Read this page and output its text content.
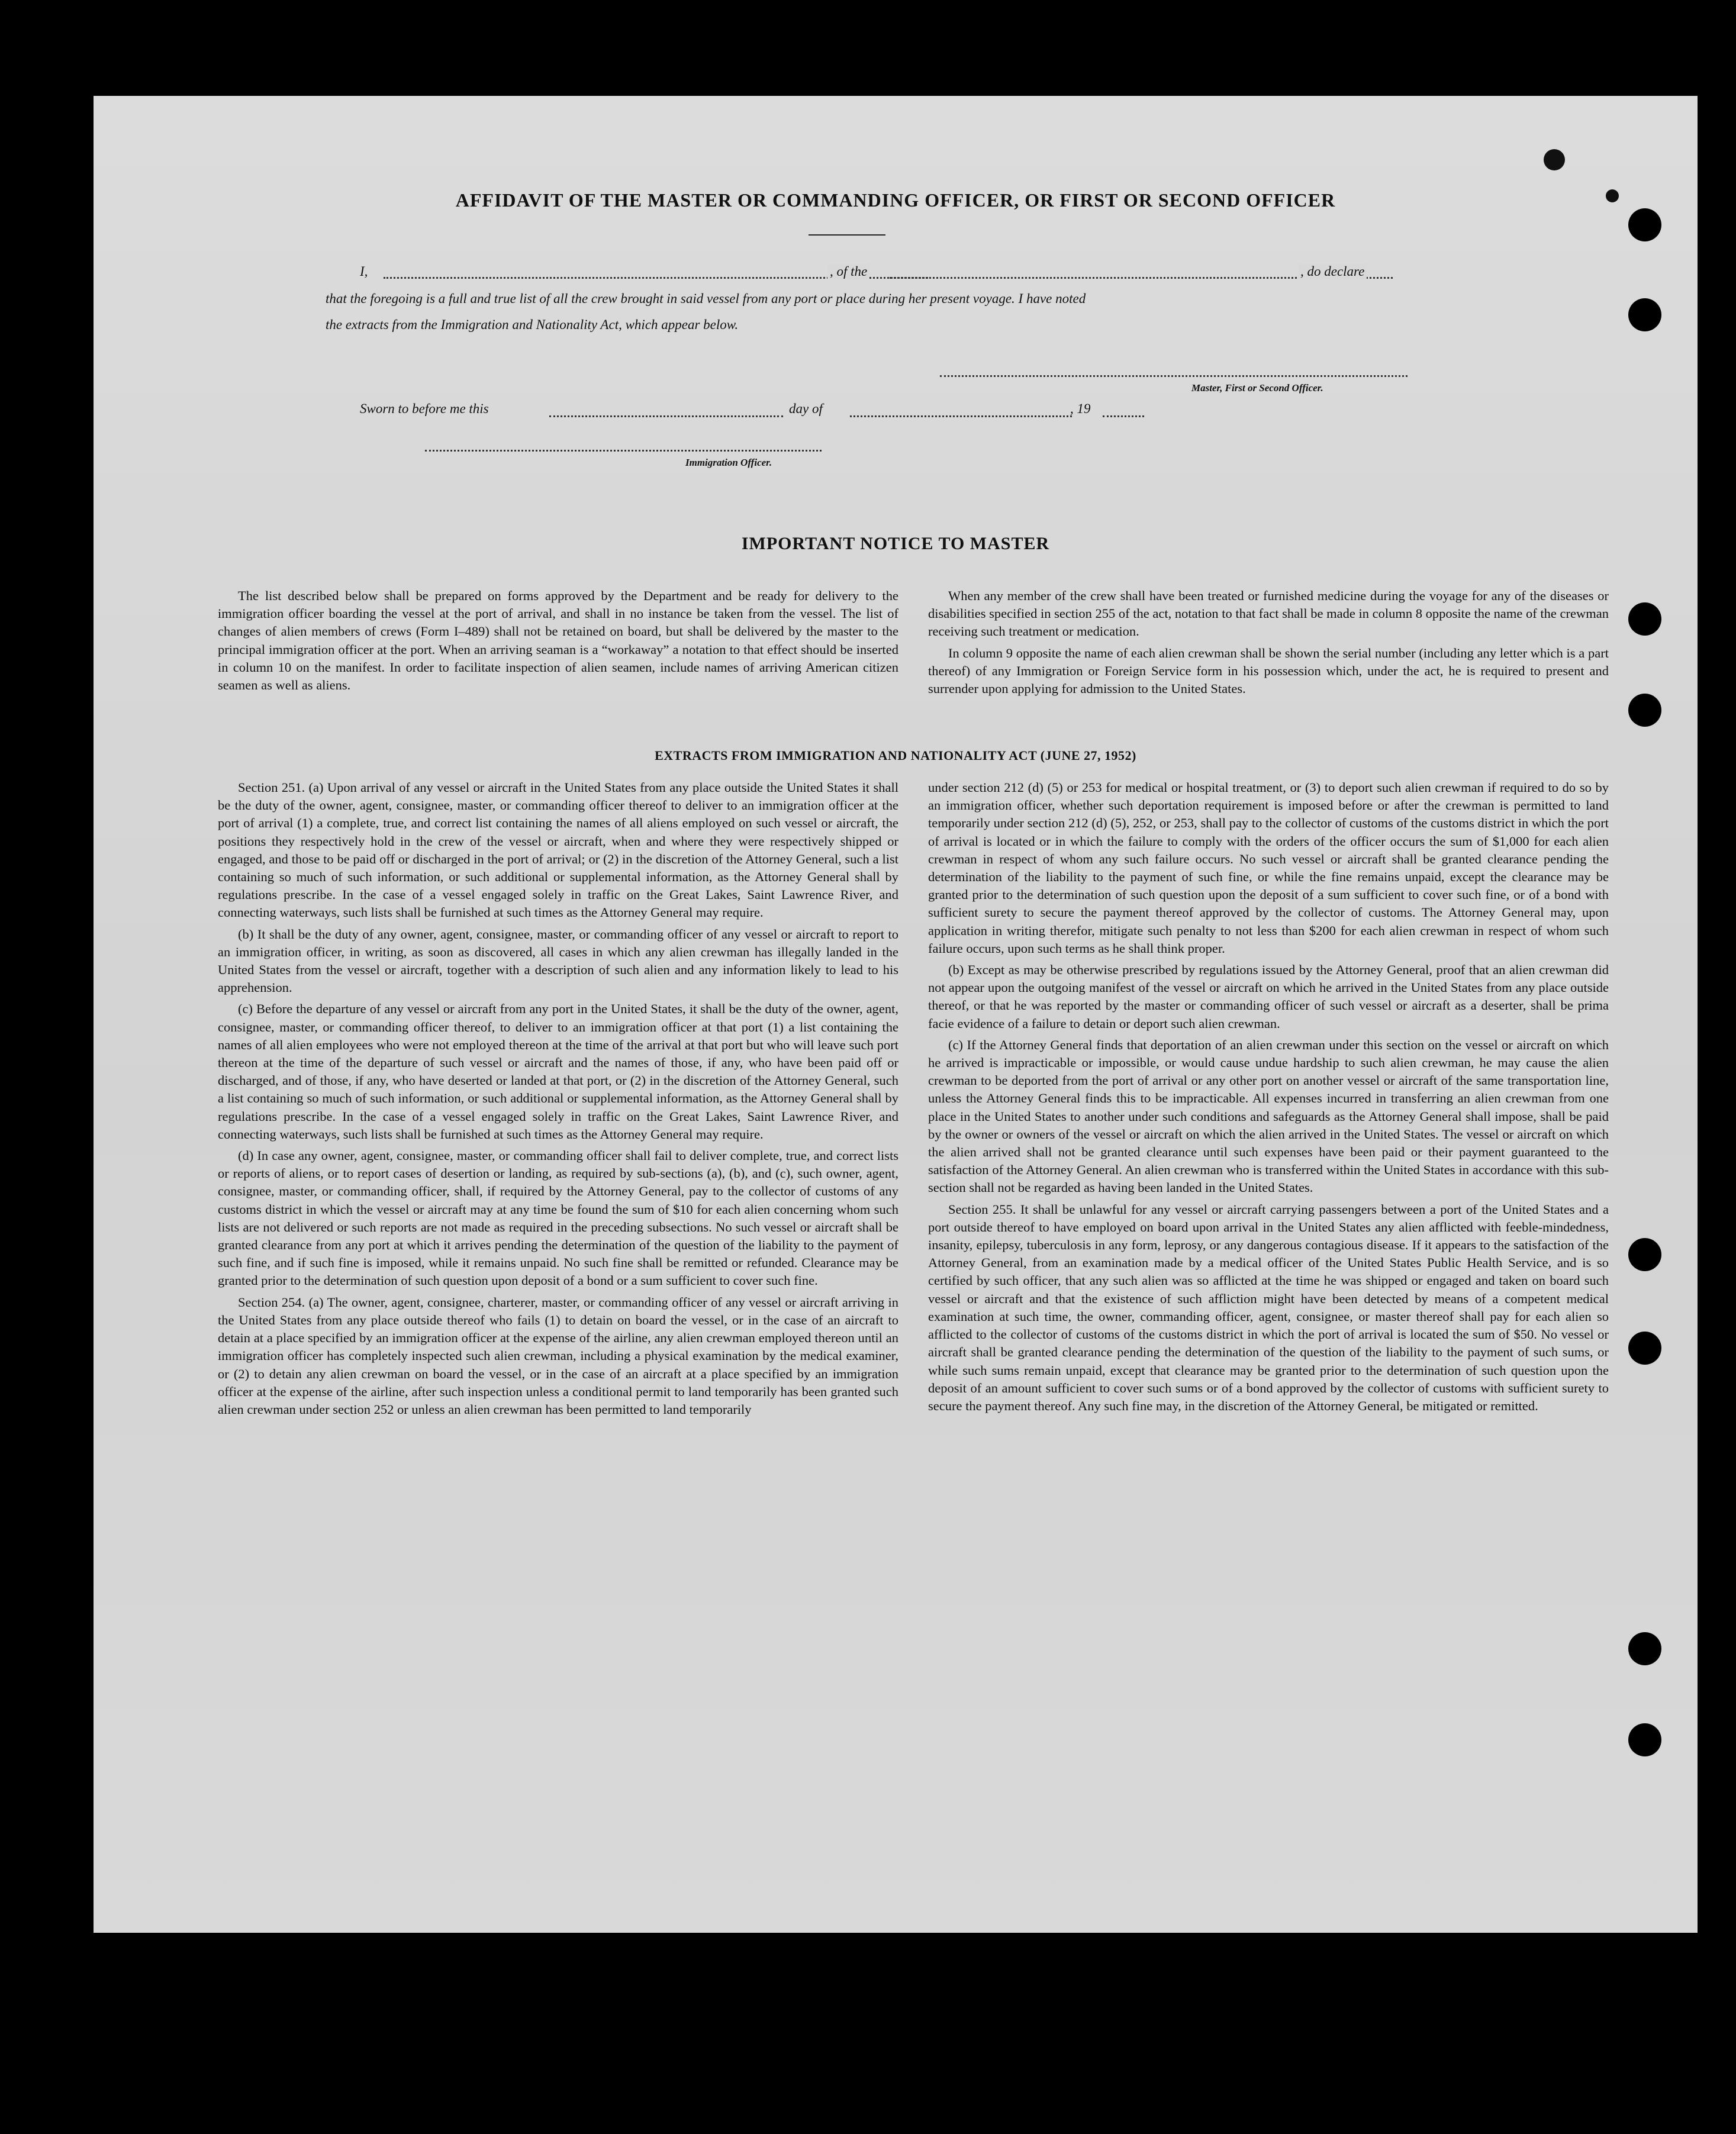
AFFIDAVIT OF THE MASTER OR COMMANDING OFFICER, OR FIRST OR SECOND OFFICER
I,	, of the	, do declare
that the foregoing is a full and true list of all the crew brought in said vessel from any port or place during her present voyage. I have noted
the extracts from the Immigration and Nationality Act, which appear below.
Master, First or Second Officer.
Sworn to before me this	day of	, 19
Immigration Officer.
IMPORTANT NOTICE TO MASTER

The list described below shall be prepared on forms approved by the Department and be ready for delivery to the immigration officer boarding the vessel at the port of arrival, and shall in no instance be taken from the vessel. The list of changes of alien members of crews (Form I–489) shall not be retained on board, but shall be delivered by the master to the principal immigration officer at the port. When an arriving seaman is a “workaway” a notation to that effect should be inserted in column 10 on the manifest. In order to facilitate inspection of alien seamen, include names of arriving American citizen seamen as well as aliens.

When any member of the crew shall have been treated or furnished medicine during the voyage for any of the diseases or disabilities specified in section 255 of the act, notation to that fact shall be made in column 8 opposite the name of the crewman receiving such treatment or medication.

In column 9 opposite the name of each alien crewman shall be shown the serial number (including any letter which is a part thereof) of any Immigration or Foreign Service form in his possession which, under the act, he is required to present and surrender upon applying for admission to the United States.

EXTRACTS FROM IMMIGRATION AND NATIONALITY ACT (JUNE 27, 1952)

Section 251. (a) Upon arrival of any vessel or aircraft in the United States from any place outside the United States it shall be the duty of the owner, agent, consignee, master, or commanding officer thereof to deliver to an immigration officer at the port of arrival (1) a complete, true, and correct list containing the names of all aliens employed on such vessel or aircraft, the positions they respectively hold in the crew of the vessel or aircraft, when and where they were respectively shipped or engaged, and those to be paid off or discharged in the port of arrival; or (2) in the discretion of the Attorney General, such a list containing so much of such information, or such additional or supplemental information, as the Attorney General shall by regulations prescribe. In the case of a vessel engaged solely in traffic on the Great Lakes, Saint Lawrence River, and connecting waterways, such lists shall be furnished at such times as the Attorney General may require.

(b) It shall be the duty of any owner, agent, consignee, master, or commanding officer of any vessel or aircraft to report to an immigration officer, in writing, as soon as discovered, all cases in which any alien crewman has illegally landed in the United States from the vessel or aircraft, together with a description of such alien and any information likely to lead to his apprehension.

(c) Before the departure of any vessel or aircraft from any port in the United States, it shall be the duty of the owner, agent, consignee, master, or commanding officer thereof, to deliver to an immigration officer at that port (1) a list containing the names of all alien employees who were not employed thereon at the time of the arrival at that port but who will leave such port thereon at the time of the departure of such vessel or aircraft and the names of those, if any, who have been paid off or discharged, and of those, if any, who have deserted or landed at that port, or (2) in the discretion of the Attorney General, such a list containing so much of such information, or such additional or supplemental information, as the Attorney General shall by regulations prescribe. In the case of a vessel engaged solely in traffic on the Great Lakes, Saint Lawrence River, and connecting waterways, such lists shall be furnished at such times as the Attorney General may require.

(d) In case any owner, agent, consignee, master, or commanding officer shall fail to deliver complete, true, and correct lists or reports of aliens, or to report cases of desertion or landing, as required by sub-sections (a), (b), and (c), such owner, agent, consignee, master, or commanding officer, shall, if required by the Attorney General, pay to the collector of customs of any customs district in which the vessel or aircraft may at any time be found the sum of $10 for each alien concerning whom such lists are not delivered or such reports are not made as required in the preceding subsections. No such vessel or aircraft shall be granted clearance from any port at which it arrives pending the determination of the question of the liability to the payment of such fine, and if such fine is imposed, while it remains unpaid. No such fine shall be remitted or refunded. Clearance may be granted prior to the determination of such question upon deposit of a bond or a sum sufficient to cover such fine.

Section 254. (a) The owner, agent, consignee, charterer, master, or commanding officer of any vessel or aircraft arriving in the United States from any place outside thereof who fails (1) to detain on board the vessel, or in the case of an aircraft to detain at a place specified by an immigration officer at the expense of the airline, any alien crewman employed thereon until an immigration officer has completely inspected such alien crewman, including a physical examination by the medical examiner, or (2) to detain any alien crewman on board the vessel, or in the case of an aircraft at a place specified by an immigration officer at the expense of the airline, after such inspection unless a conditional permit to land temporarily has been granted such alien crewman under section 252 or unless an alien crewman has been permitted to land temporarily

under section 212 (d) (5) or 253 for medical or hospital treatment, or (3) to deport such alien crewman if required to do so by an immigration officer, whether such deportation requirement is imposed before or after the crewman is permitted to land temporarily under section 212 (d) (5), 252, or 253, shall pay to the collector of customs of the customs district in which the port of arrival is located or in which the failure to comply with the orders of the officer occurs the sum of $1,000 for each alien crewman in respect of whom any such failure occurs. No such vessel or aircraft shall be granted clearance pending the determination of the liability to the payment of such fine, or while the fine remains unpaid, except the clearance may be granted prior to the determination of such question upon the deposit of a sum sufficient to cover such fine, or of a bond with sufficient surety to secure the payment thereof approved by the collector of customs. The Attorney General may, upon application in writing therefor, mitigate such penalty to not less than $200 for each alien crewman in respect of whom such failure occurs, upon such terms as he shall think proper.

(b) Except as may be otherwise prescribed by regulations issued by the Attorney General, proof that an alien crewman did not appear upon the outgoing manifest of the vessel or aircraft on which he arrived in the United States from any place outside thereof, or that he was reported by the master or commanding officer of such vessel or aircraft as a deserter, shall be prima facie evidence of a failure to detain or deport such alien crewman.

(c) If the Attorney General finds that deportation of an alien crewman under this section on the vessel or aircraft on which he arrived is impracticable or impossible, or would cause undue hardship to such alien crewman, he may cause the alien crewman to be deported from the port of arrival or any other port on another vessel or aircraft of the same transportation line, unless the Attorney General finds this to be impracticable. All expenses incurred in transferring an alien crewman from one place in the United States to another under such conditions and safeguards as the Attorney General shall impose, shall be paid by the owner or owners of the vessel or aircraft on which the alien arrived in the United States. The vessel or aircraft on which the alien arrived shall not be granted clearance until such expenses have been paid or their payment guaranteed to the satisfaction of the Attorney General. An alien crewman who is transferred within the United States in accordance with this sub-section shall not be regarded as having been landed in the United States.

Section 255. It shall be unlawful for any vessel or aircraft carrying passengers between a port of the United States and a port outside thereof to have employed on board upon arrival in the United States any alien afflicted with feeble-mindedness, insanity, epilepsy, tuberculosis in any form, leprosy, or any dangerous contagious disease. If it appears to the satisfaction of the Attorney General, from an examination made by a medical officer of the United States Public Health Service, and is so certified by such officer, that any such alien was so afflicted at the time he was shipped or engaged and taken on board such vessel or aircraft and that the existence of such affliction might have been detected by means of a competent medical examination at such time, the owner, commanding officer, agent, consignee, or master thereof shall pay for each alien so afflicted to the collector of customs of the customs district in which the port of arrival is located the sum of $50. No vessel or aircraft shall be granted clearance pending the determination of the question of the liability to the payment of such sums, or while such sums remain unpaid, except that clearance may be granted prior to the determination of such question upon the deposit of an amount sufficient to cover such sums or of a bond approved by the collector of customs with sufficient surety to secure the payment thereof. Any such fine may, in the discretion of the Attorney General, be mitigated or remitted.
